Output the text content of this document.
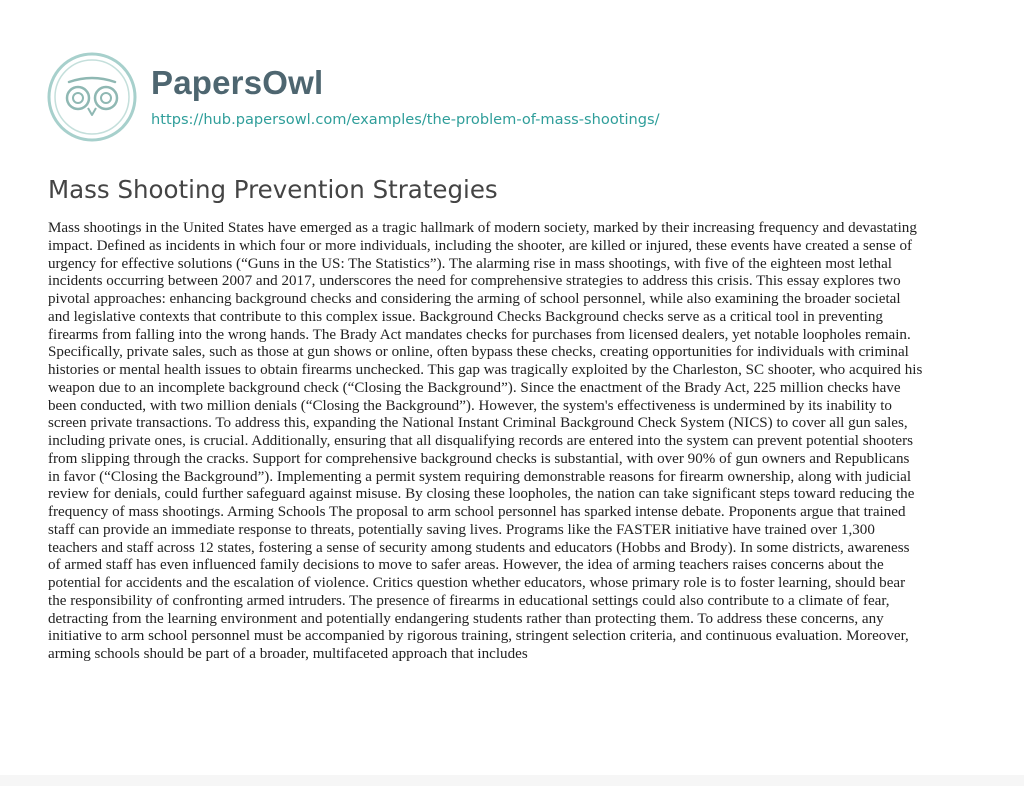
PapersOwl
https://hub.papersowl.com/examples/the-problem-of-mass-shootings/
Mass Shooting Prevention Strategies
Mass shootings in the United States have emerged as a tragic hallmark of modern society, marked by their increasing frequency and devastating
impact. Defined as incidents in which four or more individuals, including the shooter, are killed or injured, these events have created a sense of
urgency for effective solutions (“Guns in the US: The Statistics”). The alarming rise in mass shootings, with five of the eighteen most lethal
incidents occurring between 2007 and 2017, underscores the need for comprehensive strategies to address this crisis. This essay explores two
pivotal approaches: enhancing background checks and considering the arming of school personnel, while also examining the broader societal
and legislative contexts that contribute to this complex issue. Background Checks Background checks serve as a critical tool in preventing
firearms from falling into the wrong hands. The Brady Act mandates checks for purchases from licensed dealers, yet notable loopholes remain.
Specifically, private sales, such as those at gun shows or online, often bypass these checks, creating opportunities for individuals with criminal
histories or mental health issues to obtain firearms unchecked. This gap was tragically exploited by the Charleston, SC shooter, who acquired his
weapon due to an incomplete background check (“Closing the Background”). Since the enactment of the Brady Act, 225 million checks have
been conducted, with two million denials (“Closing the Background”). However, the system's effectiveness is undermined by its inability to
screen private transactions. To address this, expanding the National Instant Criminal Background Check System (NICS) to cover all gun sales,
including private ones, is crucial. Additionally, ensuring that all disqualifying records are entered into the system can prevent potential shooters
from slipping through the cracks. Support for comprehensive background checks is substantial, with over 90% of gun owners and Republicans
in favor (“Closing the Background”). Implementing a permit system requiring demonstrable reasons for firearm ownership, along with judicial
review for denials, could further safeguard against misuse. By closing these loopholes, the nation can take significant steps toward reducing the
frequency of mass shootings. Arming Schools The proposal to arm school personnel has sparked intense debate. Proponents argue that trained
staff can provide an immediate response to threats, potentially saving lives. Programs like the FASTER initiative have trained over 1,300
teachers and staff across 12 states, fostering a sense of security among students and educators (Hobbs and Brody). In some districts, awareness
of armed staff has even influenced family decisions to move to safer areas. However, the idea of arming teachers raises concerns about the
potential for accidents and the escalation of violence. Critics question whether educators, whose primary role is to foster learning, should bear
the responsibility of confronting armed intruders. The presence of firearms in educational settings could also contribute to a climate of fear,
detracting from the learning environment and potentially endangering students rather than protecting them. To address these concerns, any
initiative to arm school personnel must be accompanied by rigorous training, stringent selection criteria, and continuous evaluation. Moreover,
arming schools should be part of a broader, multifaceted approach that includes
